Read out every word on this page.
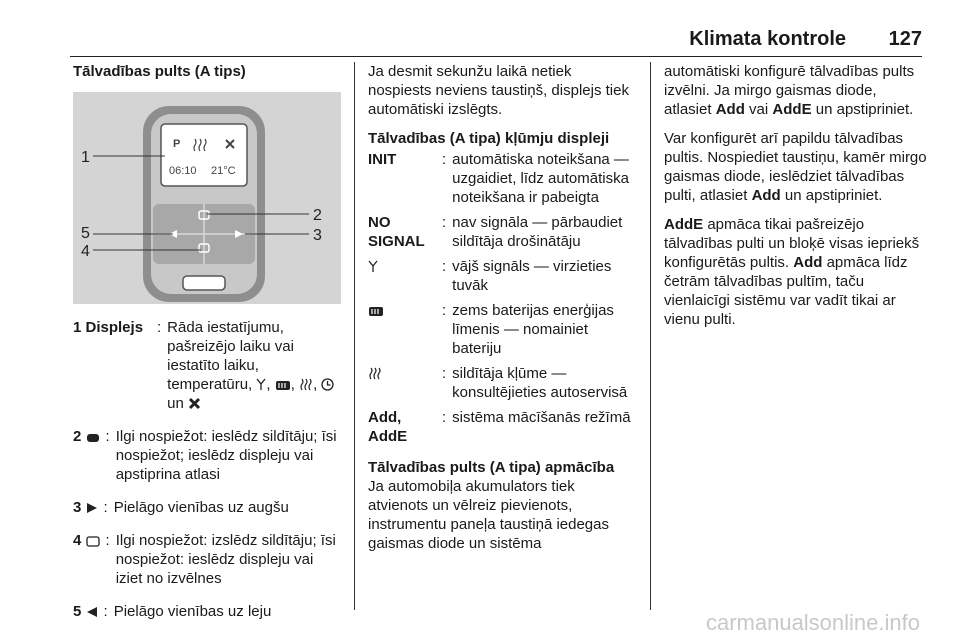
Klimata kontrole 127
Tālvadības pults (A tips)
P
06:10 21°C
1
2
3
4
5
1 Displejs : Rāda iestatījumu, pašreizējo laiku vai iestatīto laiku, temperatūru, , , ,  un
2	: Ilgi nospiežot: ieslēdz sildītāju; īsi nospiežot; ieslēdz displeju vai apstiprina atlasi
3	: Pielāgo vienības uz augšu
4	: Ilgi nospiežot: izslēdz sildītāju; īsi nospiežot: ieslēdz displeju vai iziet no izvēlnes
5	: Pielāgo vienības uz leju

Ja desmit sekunžu laikā netiek nospiests neviens taustiņš, displejs tiek automātiski izslēgts.

Tālvadības (A tipa) kļūmju displeji
INIT	: automātiska noteikšana — uzgaidiet, līdz automātiska noteikšana ir pabeigta
NO SIGNAL
: nav signāla — pārbaudiet sildītāja drošinātāju
: vājš signāls — virzieties tuvāk
: zems baterijas enerģijas līmenis — nomainiet bateriju
: sildītāja kļūme — konsultējieties autoservisā
Add, AddE
: sistēma mācīšanās režīmā
Tālvadības pults (A tipa) apmācība

Ja automobiļa akumulators tiek atvienots un vēlreiz pievienots, instrumentu paneļa taustiņā iedegas gaismas diode un sistēma

automātiski konfigurē tālvadības pults izvēlni. Ja mirgo gaismas diode, atlasiet Add vai AddE un apstipriniet.

Var konfigurēt arī papildu tālvadības pultis. Nospiediet taustiņu, kamēr mirgo gaismas diode, ieslēdziet tālvadības pulti, atlasiet Add un apstipriniet.

AddE apmāca tikai pašreizējo tālvadības pulti un bloķē visas iepriekš konfigurētās pultis. Add apmāca līdz četrām tālvadības pultīm, taču vienlaicīgi sistēmu var vadīt tikai ar vienu pulti.

carmanualsonline.info
